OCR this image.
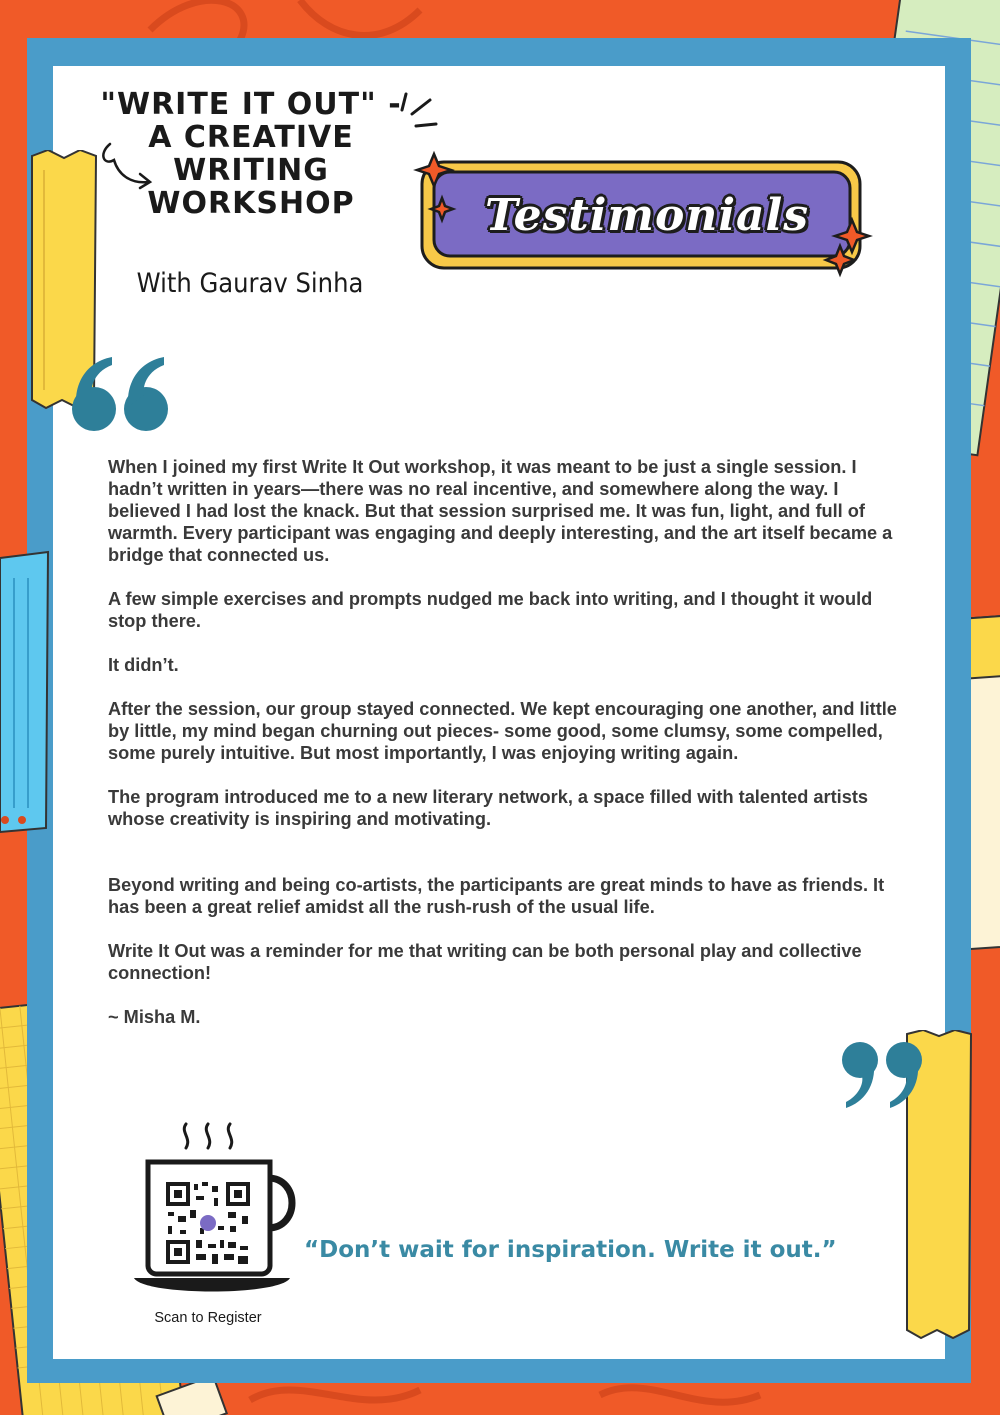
"WRITE IT OUT" - A CREATIVE WRITING WORKSHOP

With Gaurav Sinha

Testimonials

When I joined my first Write It Out workshop, it was meant to be just a single session. I hadn’t written in years—there was no real incentive, and somewhere along the way. I believed I had lost the knack. But that session surprised me. It was fun, light, and full of warmth. Every participant was engaging and deeply interesting, and the art itself became a bridge that connected us.

A few simple exercises and prompts nudged me back into writing, and I thought it would stop there.

It didn’t.

After the session, our group stayed connected. We kept encouraging one another, and little by little, my mind began churning out pieces- some good, some clumsy, some compelled, some purely intuitive. But most importantly, I was enjoying writing again.

The program introduced me to a new literary network, a space filled with talented artists whose creativity is inspiring and motivating.

Beyond writing and being co-artists, the participants are great minds to have as friends. It has been a great relief amidst all the rush-rush of the usual life.

Write It Out was a reminder for me that writing can be both personal play and collective connection!

~ Misha M.

Scan to Register
“Don’t wait for inspiration. Write it out.”
